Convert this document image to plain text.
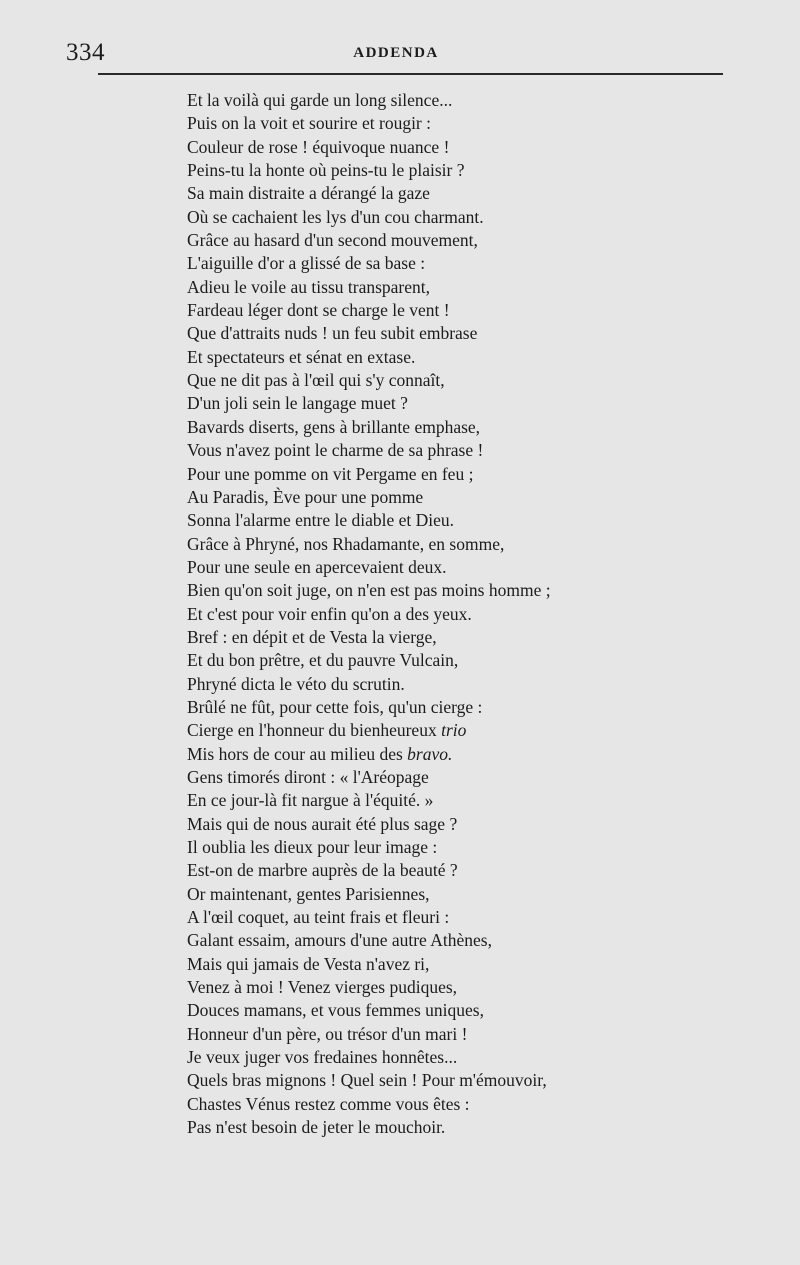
334	ADDENDA
Et la voilà qui garde un long silence...
Puis on la voit et sourire et rougir :
Couleur de rose ! équivoque nuance !
Peins-tu la honte où peins-tu le plaisir ?
Sa main distraite a dérangé la gaze
Où se cachaient les lys d'un cou charmant.
Grâce au hasard d'un second mouvement,
L'aiguille d'or a glissé de sa base :
Adieu le voile au tissu transparent,
Fardeau léger dont se charge le vent !
Que d'attraits nuds ! un feu subit embrase
Et spectateurs et sénat en extase.
Que ne dit pas à l'œil qui s'y connaît,
D'un joli sein le langage muet ?
Bavards diserts, gens à brillante emphase,
Vous n'avez point le charme de sa phrase !
Pour une pomme on vit Pergame en feu ;
Au Paradis, Ève pour une pomme
Sonna l'alarme entre le diable et Dieu.
Grâce à Phryné, nos Rhadamante, en somme,
Pour une seule en apercevaient deux.
Bien qu'on soit juge, on n'en est pas moins homme ;
Et c'est pour voir enfin qu'on a des yeux.
Bref : en dépit et de Vesta la vierge,
Et du bon prêtre, et du pauvre Vulcain,
Phryné dicta le véto du scrutin.
Brûlé ne fût, pour cette fois, qu'un cierge :
Cierge en l'honneur du bienheureux trio
Mis hors de cour au milieu des bravo.
Gens timorés diront : « l'Aréopage
En ce jour-là fit nargue à l'équité. »
Mais qui de nous aurait été plus sage ?
Il oublia les dieux pour leur image :
Est-on de marbre auprès de la beauté ?
Or maintenant, gentes Parisiennes,
A l'œil coquet, au teint frais et fleuri :
Galant essaim, amours d'une autre Athènes,
Mais qui jamais de Vesta n'avez ri,
Venez à moi ! Venez vierges pudiques,
Douces mamans, et vous femmes uniques,
Honneur d'un père, ou trésor d'un mari !
Je veux juger vos fredaines honnêtes...
Quels bras mignons ! Quel sein ! Pour m'émouvoir,
Chastes Vénus restez comme vous êtes :
Pas n'est besoin de jeter le mouchoir.
